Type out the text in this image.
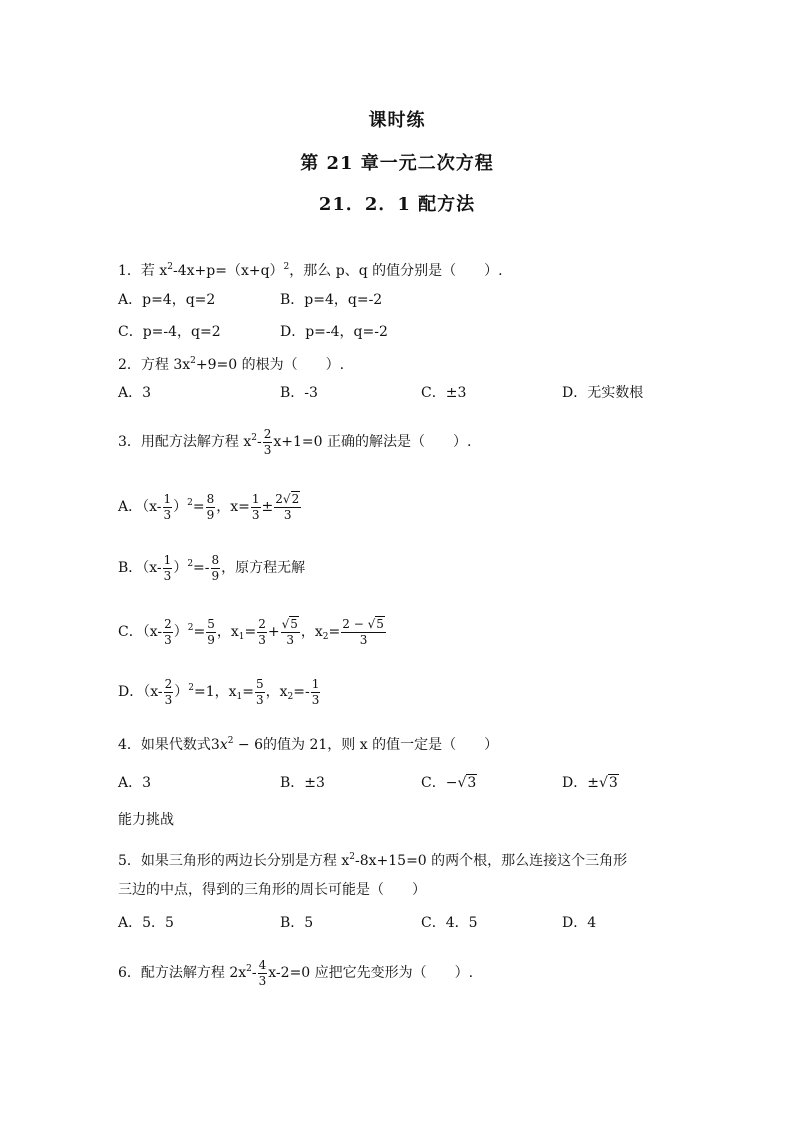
课时练
第 21 章一元二次方程
21．2．1 配方法
1．若 $x^2-4x+p=(x+q)^2$，那么 p、q 的值分别是（　　）.
A．p=4，q=2	B．p=4，q=-2
C．p=-4，q=2	D．p=-4，q=-2
2．方程 $3x^2+9=0$ 的根为（　　）.
A．3	B．-3	C．±3	D．无实数根
3．用配方法解方程 $x^2- \frac{2}{3} x+1=0$ 正确的解法是（　　）.
A．$(x- \frac{1}{3} )^2= \frac{8}{9}$ ，$x= \frac{1}{3} \pm \frac{2√2}{3}$
B．$(x- \frac{1}{3} )^2=- \frac{8}{9}$ ，原方程无解
C．$(x- \frac{2}{3} )^2= \frac{5}{9}$ ，$x_1= \frac{2}{3} + \frac{√5}{3}$ ，$x_2= \frac{2 - √5}{3}$
D．$(x- \frac{2}{3} )^2=1$，$x_1= \frac{5}{3}$ ，$x_2=- \frac{1}{3}$
4．如果代数式$3x^2 - 6$的值为 21，则 x 的值一定是（　　）
A．3	B．±3	C．−√3	D．±√3
能力挑战
5．如果三角形的两边长分别是方程 $x^2-8x+15=0$ 的两个根，那么连接这个三角形
三边的中点，得到的三角形的周长可能是（　　）
A．5．5	B．5	C．4．5	D．4
6．配方法解方程 $2x^2- \frac{4}{3} x-2=0$ 应把它先变形为（　　）.
